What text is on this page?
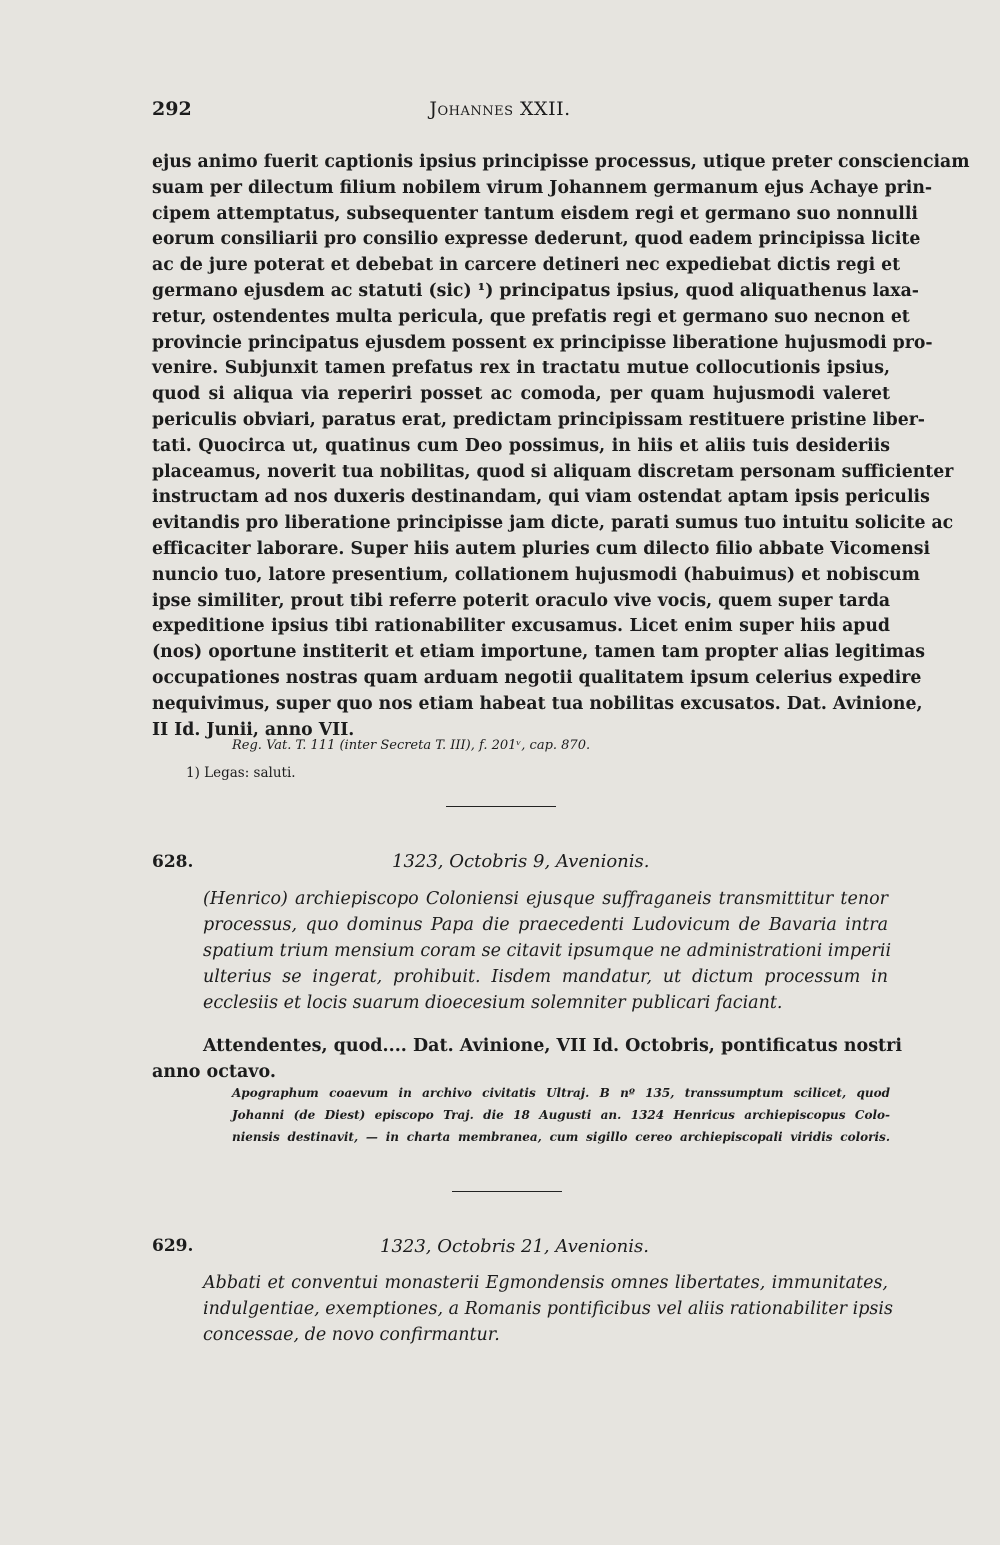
292	Johannes XXII.
ejus animo fuerit captionis ipsius principisse processus, utique preter conscienciam
suam per dilectum filium nobilem virum Johannem germanum ejus Achaye prin-
cipem attemptatus, subsequenter tantum eisdem regi et germano suo nonnulli
eorum consiliarii pro consilio expresse dederunt, quod eadem principissa licite
ac de jure poterat et debebat in carcere detineri nec expediebat dictis regi et
germano ejusdem ac statuti (sic) ¹) principatus ipsius, quod aliquathenus laxa-
retur, ostendentes multa pericula, que prefatis regi et germano suo necnon et
provincie principatus ejusdem possent ex principisse liberatione hujusmodi pro-
venire. Subjunxit tamen prefatus rex in tractatu mutue collocutionis ipsius,
quod si aliqua via reperiri posset ac comoda, per quam hujusmodi valeret
periculis obviari, paratus erat, predictam principissam restituere pristine liber-
tati. Quocirca ut, quatinus cum Deo possimus, in hiis et aliis tuis desideriis
placeamus, noverit tua nobilitas, quod si aliquam discretam personam sufficienter
instructam ad nos duxeris destinandam, qui viam ostendat aptam ipsis periculis
evitandis pro liberatione principisse jam dicte, parati sumus tuo intuitu solicite ac
efficaciter laborare. Super hiis autem pluries cum dilecto filio abbate Vicomensi
nuncio tuo, latore presentium, collationem hujusmodi (habuimus) et nobiscum
ipse similiter, prout tibi referre poterit oraculo vive vocis, quem super tarda
expeditione ipsius tibi rationabiliter excusamus. Licet enim super hiis apud
(nos) oportune institerit et etiam importune, tamen tam propter alias legitimas
occupationes nostras quam arduam negotii qualitatem ipsum celerius expedire
nequivimus, super quo nos etiam habeat tua nobilitas excusatos. Dat. Avinione,
II Id. Junii, anno VII.
Reg. Vat. T. 111 (inter Secreta T. III), f. 201ᵛ, cap. 870.
1) Legas: saluti.
628.	1323, Octobris 9, Avenionis.
(Henrico) archiepiscopo Coloniensi ejusque suffraganeis transmittitur tenor
processus, quo dominus Papa die praecedenti Ludovicum de Bavaria intra
spatium trium mensium coram se citavit ipsumque ne administrationi imperii
ulterius se ingerat, prohibuit. Iisdem mandatur, ut dictum processum in
ecclesiis et locis suarum dioecesium solemniter publicari faciant.
Attendentes, quod.... Dat. Avinione, VII Id. Octobris, pontificatus nostri
anno octavo.
Apographum coaevum in archivo civitatis Ultraj. B nº 135, transsumptum scilicet, quod
Johanni (de Diest) episcopo Traj. die 18 Augusti an. 1324 Henricus archiepiscopus Colo-
niensis destinavit, — in charta membranea, cum sigillo cereo archiepiscopali viridis coloris.
629.	1323, Octobris 21, Avenionis.
Abbati et conventui monasterii Egmondensis omnes libertates, immunitates,
indulgentiae, exemptiones, a Romanis pontificibus vel aliis rationabiliter ipsis
concessae, de novo confirmantur.
